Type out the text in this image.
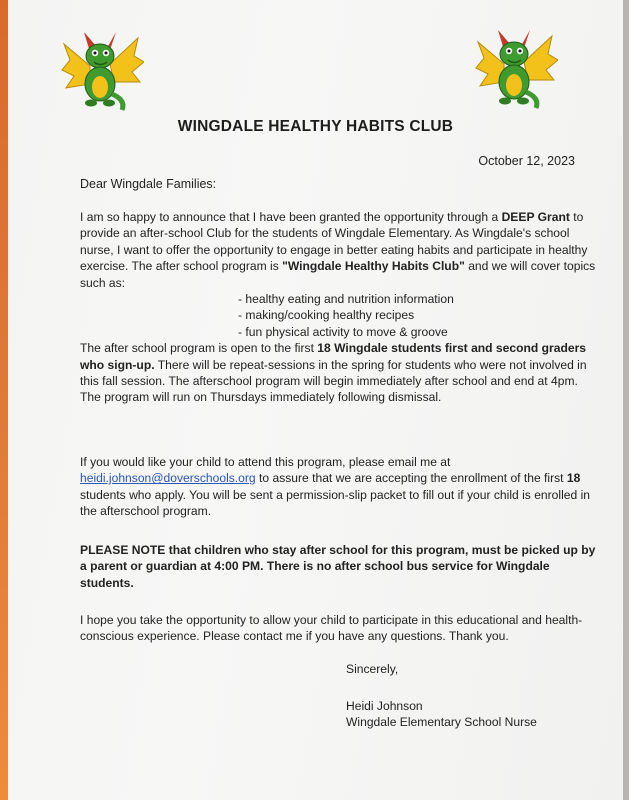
WINGDALE HEALTHY HABITS CLUB
October 12, 2023
Dear Wingdale Families:
I am so happy to announce that I have been granted the opportunity through a DEEP Grant to provide an after-school Club for the students of Wingdale Elementary. As Wingdale's school nurse, I want to offer the opportunity to engage in better eating habits and participate in healthy exercise. The after school program is "Wingdale Healthy Habits Club" and we will cover topics such as:
- healthy eating and nutrition information
- making/cooking healthy recipes
- fun physical activity to move & groove
The after school program is open to the first 18 Wingdale students first and second graders who sign-up. There will be repeat-sessions in the spring for students who were not involved in this fall session. The afterschool program will begin immediately after school and end at 4pm. The program will run on Thursdays immediately following dismissal.
If you would like your child to attend this program, please email me at heidi.johnson@doverschools.org to assure that we are accepting the enrollment of the first 18 students who apply. You will be sent a permission-slip packet to fill out if your child is enrolled in the afterschool program.
PLEASE NOTE that children who stay after school for this program, must be picked up by a parent or guardian at 4:00 PM. There is no after school bus service for Wingdale students.
I hope you take the opportunity to allow your child to participate in this educational and health-conscious experience. Please contact me if you have any questions. Thank you.
Sincerely,
Heidi Johnson
Wingdale Elementary School Nurse
